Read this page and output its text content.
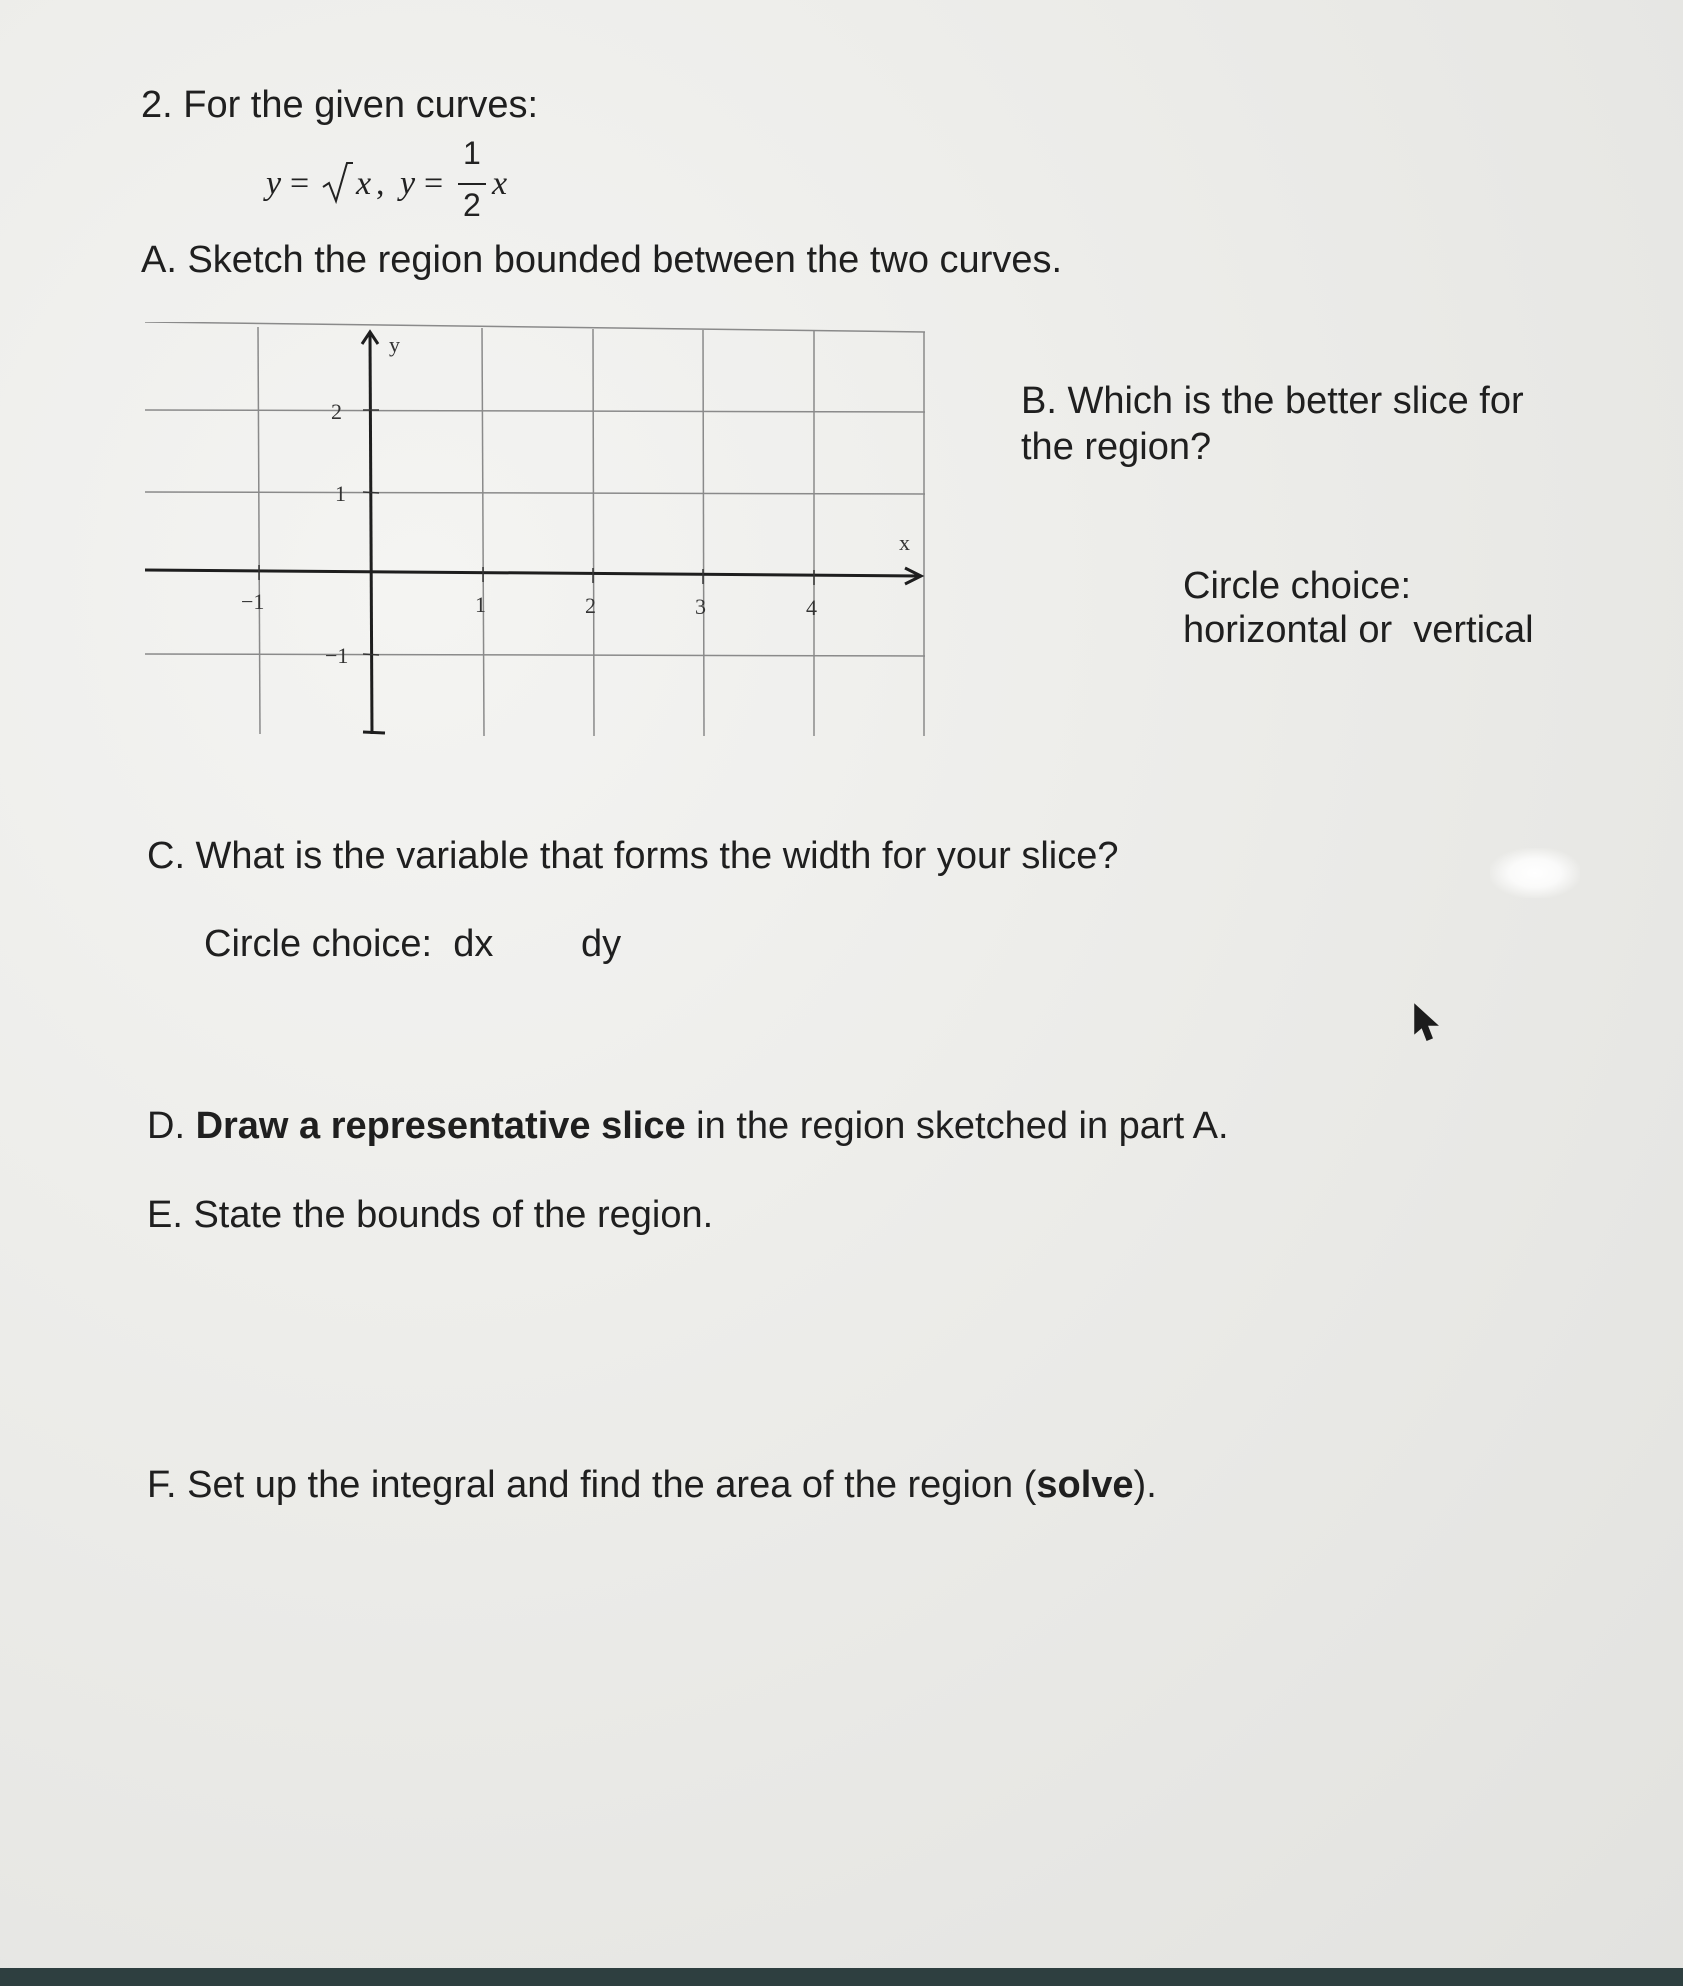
2. For the given curves:
y = x , y =
1
2
x
A. Sketch the region bounded between the two curves.
y
x
−1	1	2	3	4
2
1
−1
B. Which is the better slice for
the region?
Circle choice:
horizontal or  vertical
C. What is the variable that forms the width for your slice?
Circle choice:  dx dy
D. Draw a representative slice in the region sketched in part A.
E. State the bounds of the region.
F. Set up the integral and find the area of the region (solve).
